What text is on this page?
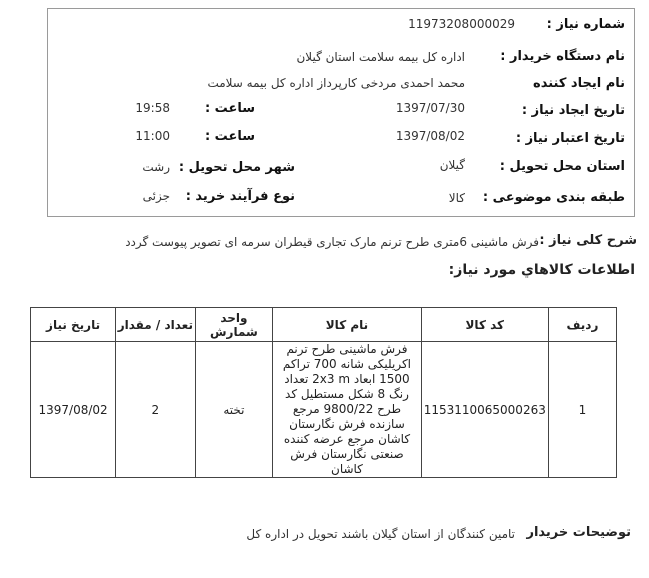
شماره نیاز :
11973208000029
نام دستگاه خریدار :
اداره کل بیمه سلامت استان گیلان
نام ایجاد کننده
محمد احمدی مردخی کارپرداز اداره کل بیمه سلامت
تاریخ ایجاد نیاز :
1397/07/30
ساعت :
19:58
تاریخ اعتبار نیاز :
1397/08/02
ساعت :
11:00
استان محل تحویل :
گیلان
شهر محل تحویل :
رشت
طبقه بندی موضوعی :
کالا
نوع فرآیند خرید :
جزئی
شرح کلی نیاز :
فرش ماشینی 6متری طرح ترنم مارک تجاری قیطران سرمه ای تصویر پیوست گردد
اطلاعات كالاهاي مورد نياز:
ردیف	کد کالا	نام کالا	واحد شمارش	تعداد / مقدار	تاریخ نیاز
1	1153110065000263	فرش ماشینی طرح ترنم اکریلیکی شانه 700 تراکم 1500 ابعاد 2x3 m تعداد رنگ 8 شکل مستطیل کد طرح 9800/22 مرجع سازنده فرش نگارستان کاشان مرجع عرضه کننده صنعتی نگارستان فرش کاشان	تخته	2	1397/08/02
توضیحات خریدار
تامین کنندگان از استان گیلان باشند تحویل در اداره کل
